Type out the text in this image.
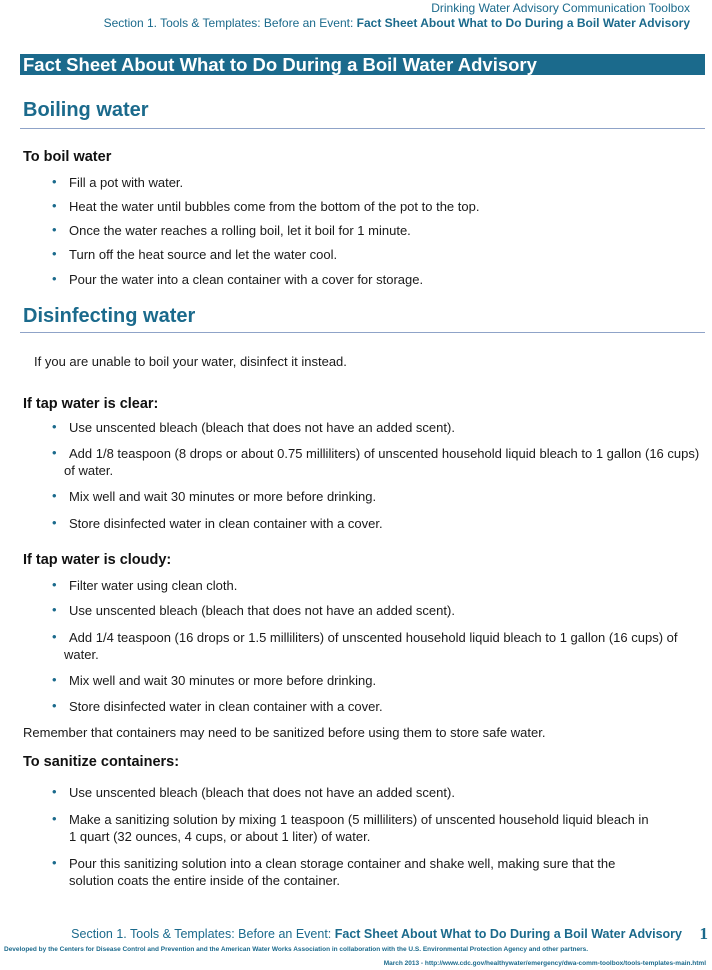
Drinking Water Advisory Communication Toolbox
Section 1. Tools & Templates: Before an Event: Fact Sheet About What to Do During a Boil Water Advisory
Fact Sheet About What to Do During a Boil Water Advisory
Boiling water
To boil water
• Fill a pot with water.
• Heat the water until bubbles come from the bottom of the pot to the top.
• Once the water reaches a rolling boil, let it boil for 1 minute.
• Turn off the heat source and let the water cool.
• Pour the water into a clean container with a cover for storage.
Disinfecting water
If you are unable to boil your water, disinfect it instead.
If tap water is clear:
• Use unscented bleach (bleach that does not have an added scent).
• Add 1/8 teaspoon (8 drops or about 0.75 milliliters) of unscented household liquid bleach to 1 gallon (16 cups) of water.
• Mix well and wait 30 minutes or more before drinking.
• Store disinfected water in clean container with a cover.
If tap water is cloudy:
• Filter water using clean cloth.
• Use unscented bleach (bleach that does not have an added scent).
• Add 1/4 teaspoon (16 drops or 1.5 milliliters) of unscented household liquid bleach to 1 gallon (16 cups) of water.
• Mix well and wait 30 minutes or more before drinking.
• Store disinfected water in clean container with a cover.
Remember that containers may need to be sanitized before using them to store safe water.
To sanitize containers:
• Use unscented bleach (bleach that does not have an added scent).
• Make a sanitizing solution by mixing 1 teaspoon (5 milliliters) of unscented household liquid bleach in 1 quart (32 ounces, 4 cups, or about 1 liter) of water.
• Pour this sanitizing solution into a clean storage container and shake well, making sure that the solution coats the entire inside of the container.
Section 1. Tools & Templates: Before an Event: Fact Sheet About What to Do During a Boil Water Advisory 1
Developed by the Centers for Disease Control and Prevention and the American Water Works Association in collaboration with the U.S. Environmental Protection Agency and other partners.
March 2013 - http://www.cdc.gov/healthywater/emergency/dwa-comm-toolbox/tools-templates-main.html
